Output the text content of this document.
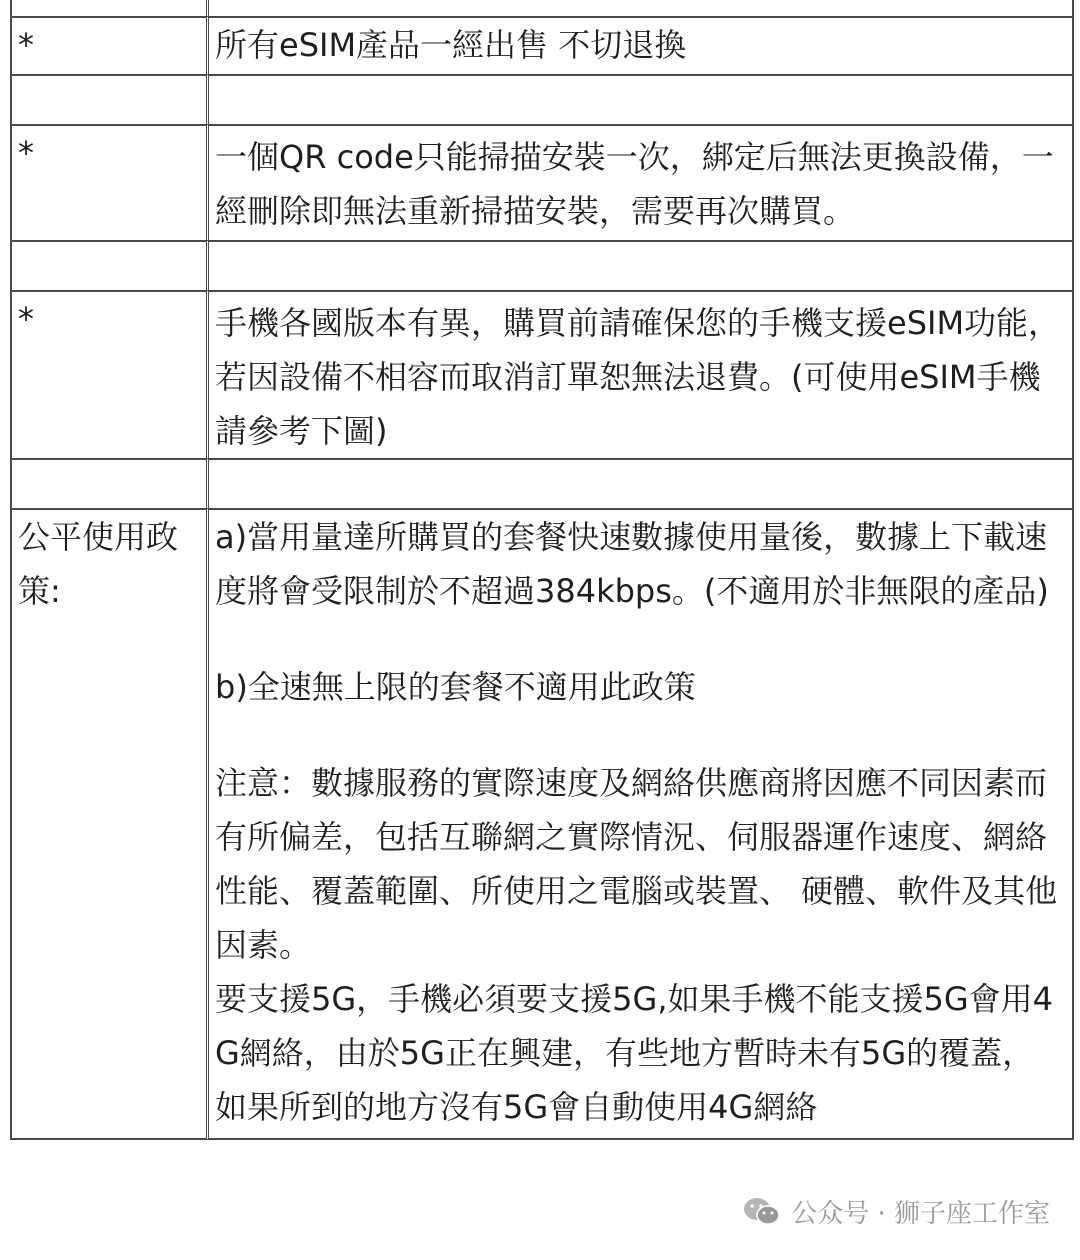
*	所有eSIM產品一經出售 不切退換

*	一個QR code只能掃描安裝一次，綁定后無法更換設備，一經刪除即無法重新掃描安裝，需要再次購買。

*	手機各國版本有異，購買前請確保您的手機支援eSIM功能，若因設備不相容而取消訂單恕無法退費。(可使用eSIM手機請參考下圖)

公平使用政策:	a)當用量達所購買的套餐快速數據使用量後，數據上下載速度將會受限制於不超過384kbps。(不適用於非無限的產品)

b)全速無上限的套餐不適用此政策

注意：數據服務的實際速度及網絡供應商將因應不同因素而有所偏差，包括互聯網之實際情況、伺服器運作速度、網絡性能、覆蓋範圍、所使用之電腦或裝置、 硬體、軟件及其他因素。

要支援5G，手機必須要支援5G,如果手機不能支援5G會用4G網絡，由於5G正在興建，有些地方暫時未有5G的覆蓋，如果所到的地方沒有5G會自動使用4G網絡

公众号 · 狮子座工作室
